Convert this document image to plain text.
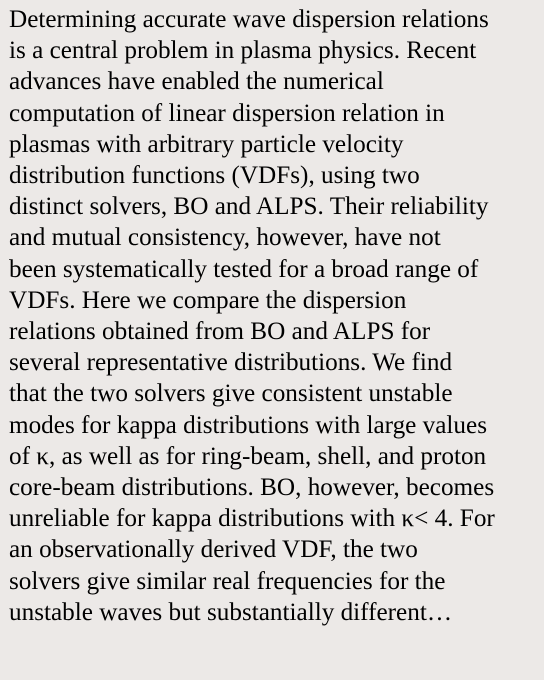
Determining accurate wave dispersion relations
is a central problem in plasma physics. Recent
advances have enabled the numerical
computation of linear dispersion relation in
plasmas with arbitrary particle velocity
distribution functions (VDFs), using two
distinct solvers, BO and ALPS. Their reliability
and mutual consistency, however, have not
been systematically tested for a broad range of
VDFs. Here we compare the dispersion
relations obtained from BO and ALPS for
several representative distributions. We find
that the two solvers give consistent unstable
modes for kappa distributions with large values
of κ, as well as for ring-beam, shell, and proton
core-beam distributions. BO, however, becomes
unreliable for kappa distributions with κ< 4. For
an observationally derived VDF, the two
solvers give similar real frequencies for the
unstable waves but substantially different…
